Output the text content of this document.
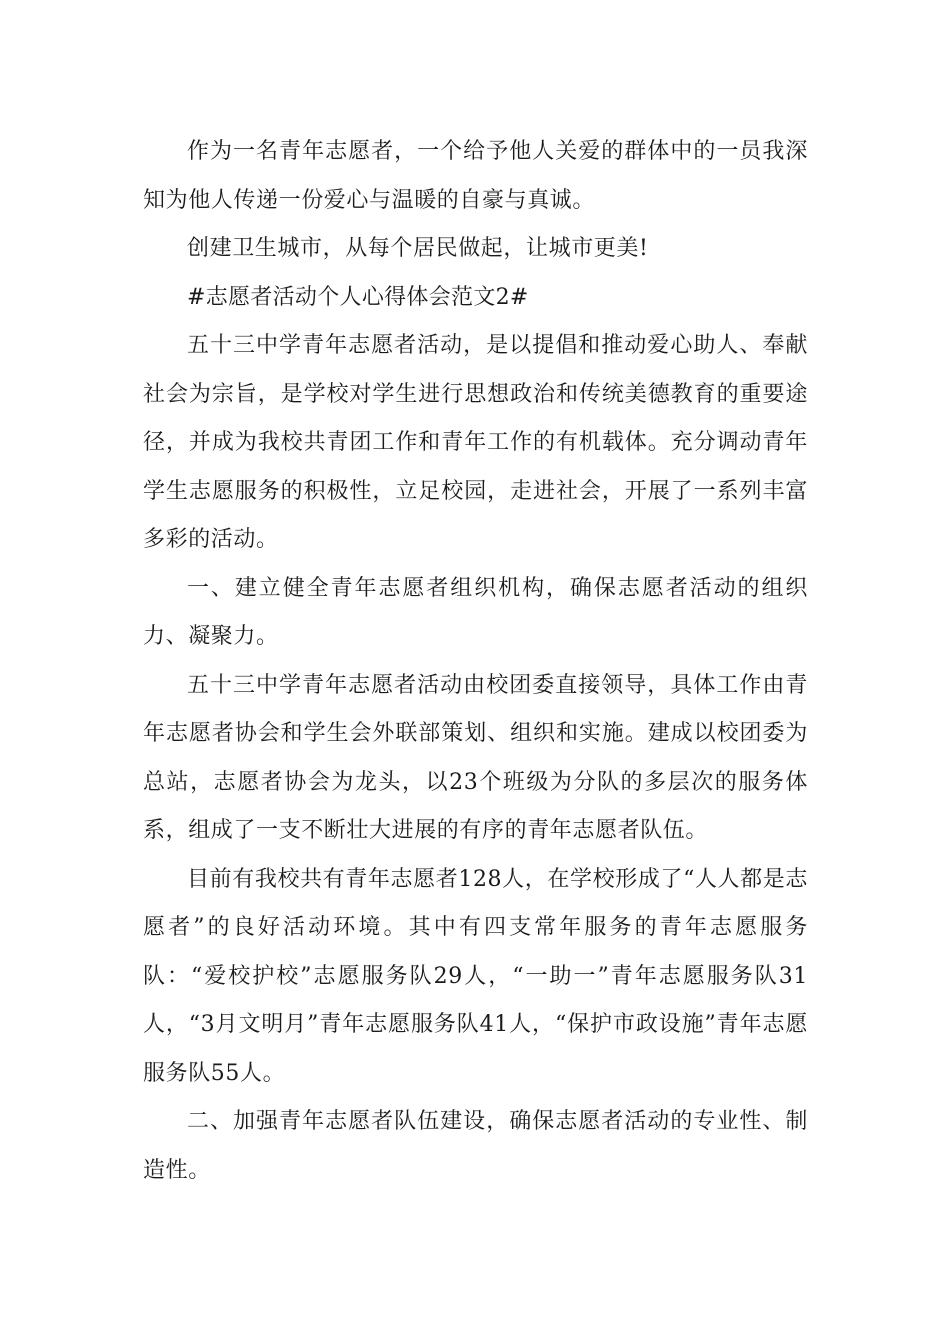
作为一名青年志愿者，一个给予他人关爱的群体中的一员我深知为他人传递一份爱心与温暖的自豪与真诚。

创建卫生城市，从每个居民做起，让城市更美!

#志愿者活动个人心得体会范文2#

五十三中学青年志愿者活动，是以提倡和推动爱心助人、奉献社会为宗旨，是学校对学生进行思想政治和传统美德教育的重要途径，并成为我校共青团工作和青年工作的有机载体。充分调动青年学生志愿服务的积极性，立足校园，走进社会，开展了一系列丰富多彩的活动。

一、建立健全青年志愿者组织机构，确保志愿者活动的组织力、凝聚力。

五十三中学青年志愿者活动由校团委直接领导，具体工作由青年志愿者协会和学生会外联部策划、组织和实施。建成以校团委为总站，志愿者协会为龙头，以23个班级为分队的多层次的服务体系，组成了一支不断壮大进展的有序的青年志愿者队伍。

目前有我校共有青年志愿者128人，在学校形成了“人人都是志愿者”的良好活动环境。其中有四支常年服务的青年志愿服务队：“爱校护校”志愿服务队29人，“一助一”青年志愿服务队31人，“3月文明月”青年志愿服务队41人，“保护市政设施”青年志愿服务队55人。

二、加强青年志愿者队伍建设，确保志愿者活动的专业性、制造性。
